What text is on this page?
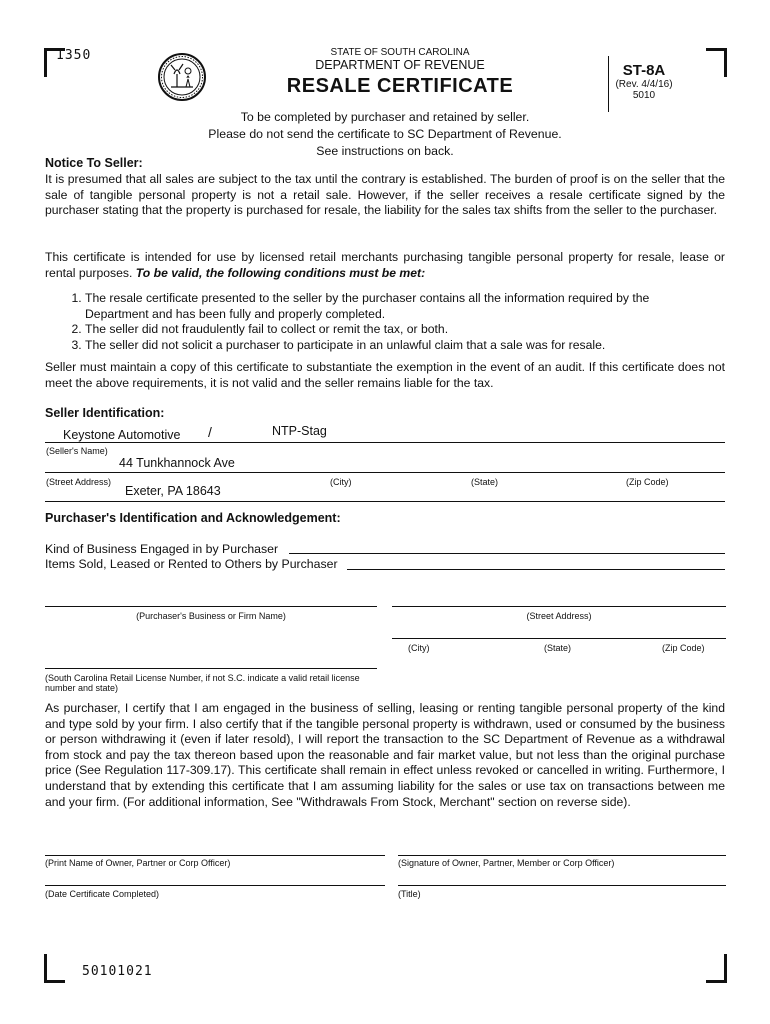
1350	STATE OF SOUTH CAROLINA
DEPARTMENT OF REVENUE
RESALE CERTIFICATE
ST-8A
(Rev. 4/4/16)
5010
To be completed by purchaser and retained by seller.
Please do not send the certificate to SC Department of Revenue.
See instructions on back.
Notice To Seller:
It is presumed that all sales are subject to the tax until the contrary is established. The burden of proof is on the seller that the sale of tangible personal property is not a retail sale. However, if the seller receives a resale certificate signed by the purchaser stating that the property is purchased for resale, the liability for the sales tax shifts from the seller to the purchaser.
This certificate is intended for use by licensed retail merchants purchasing tangible personal property for resale, lease or rental purposes. To be valid, the following conditions must be met:
1. The resale certificate presented to the seller by the purchaser contains all the information required by the Department and has been fully and properly completed.
2. The seller did not fraudulently fail to collect or remit the tax, or both.
3. The seller did not solicit a purchaser to participate in an unlawful claim that a sale was for resale.
Seller must maintain a copy of this certificate to substantiate the exemption in the event of an audit. If this certificate does not meet the above requirements, it is not valid and the seller remains liable for the tax.
Seller Identification:
Keystone Automotive /	NTP-Stag
(Seller's Name)
44 Tunkhannock Ave
(Street Address)	(City)	(State)	(Zip Code)
Exeter, PA 18643
Purchaser's Identification and Acknowledgement:
Kind of Business Engaged in by Purchaser
Items Sold, Leased or Rented to Others by Purchaser
(Purchaser's Business or Firm Name)	(Street Address)
(City)	(State)	(Zip Code)
(South Carolina Retail License Number, if not S.C. indicate a valid retail license number and state)
As purchaser, I certify that I am engaged in the business of selling, leasing or renting tangible personal property of the kind and type sold by your firm. I also certify that if the tangible personal property is withdrawn, used or consumed by the business or person withdrawing it (even if later resold), I will report the transaction to the SC Department of Revenue as a withdrawal from stock and pay the tax thereon based upon the reasonable and fair market value, but not less than the original purchase price (See Regulation 117-309.17). This certificate shall remain in effect unless revoked or cancelled in writing. Furthermore, I understand that by extending this certificate that I am assuming liability for the sales or use tax on transactions between me and your firm. (For additional information, See "Withdrawals From Stock, Merchant" section on reverse side).
(Print Name of Owner, Partner or Corp Officer)	(Signature of Owner, Partner, Member or Corp Officer)
(Date Certificate Completed)	(Title)
50101021
